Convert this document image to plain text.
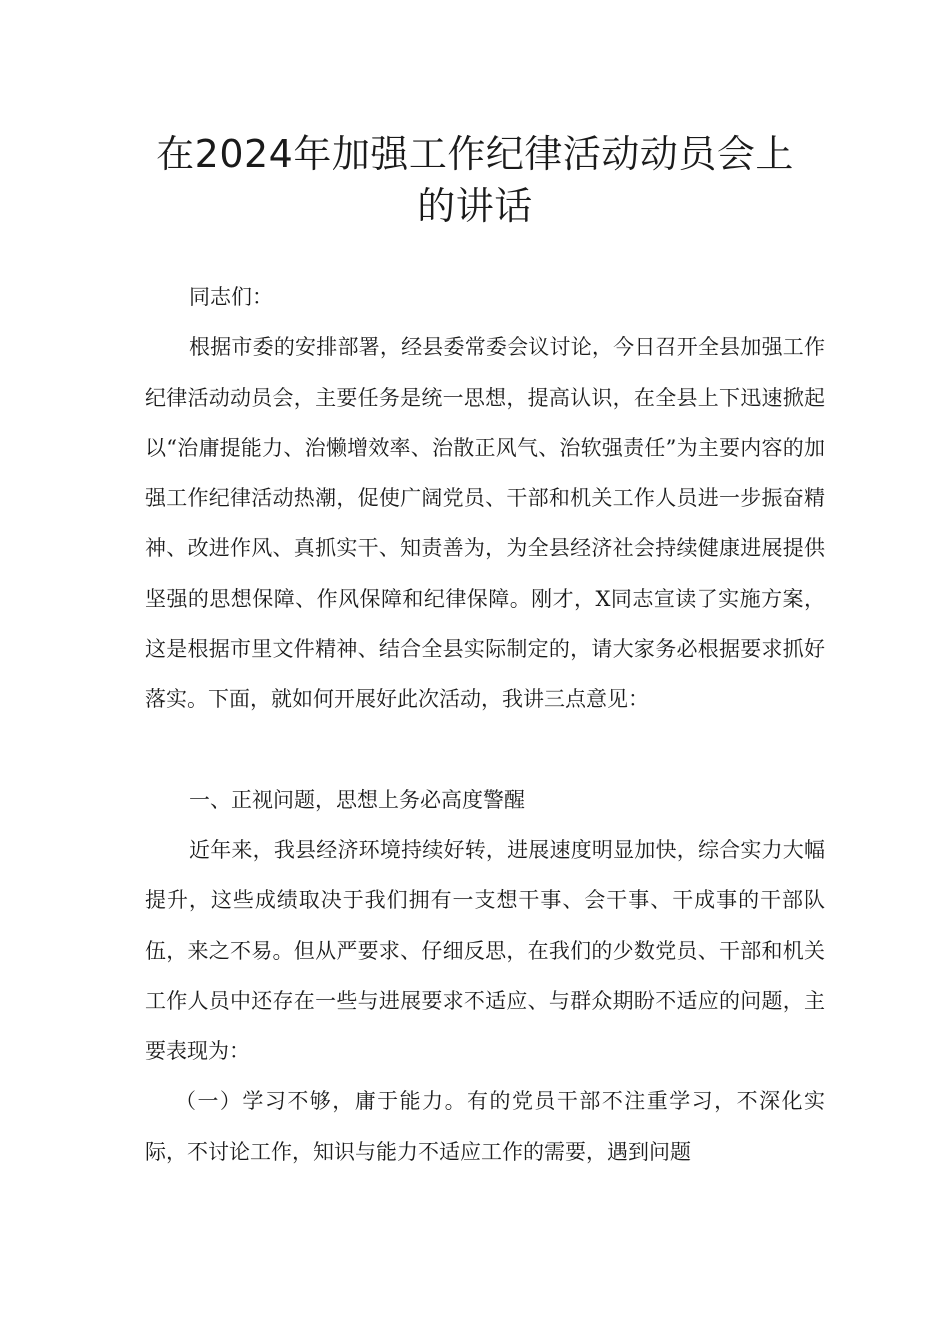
在2024年加强工作纪律活动动员会上
的讲话

同志们：

根据市委的安排部署，经县委常委会议讨论，今日召开全县加强工作纪律活动动员会，主要任务是统一思想，提高认识，在全县上下迅速掀起以“治庸提能力、治懒增效率、治散正风气、治软强责任”为主要内容的加强工作纪律活动热潮，促使广阔党员、干部和机关工作人员进一步振奋精神、改进作风、真抓实干、知责善为，为全县经济社会持续健康进展提供坚强的思想保障、作风保障和纪律保障。刚才，X同志宣读了实施方案，这是根据市里文件精神、结合全县实际制定的，请大家务必根据要求抓好落实。下面，就如何开展好此次活动，我讲三点意见：

一、正视问题，思想上务必高度警醒

近年来，我县经济环境持续好转，进展速度明显加快，综合实力大幅提升，这些成绩取决于我们拥有一支想干事、会干事、干成事的干部队伍，来之不易。但从严要求、仔细反思，在我们的少数党员、干部和机关工作人员中还存在一些与进展要求不适应、与群众期盼不适应的问题，主要表现为：

（一）学习不够，庸于能力。有的党员干部不注重学习，不深化实际，不讨论工作，知识与能力不适应工作的需要，遇到问题
